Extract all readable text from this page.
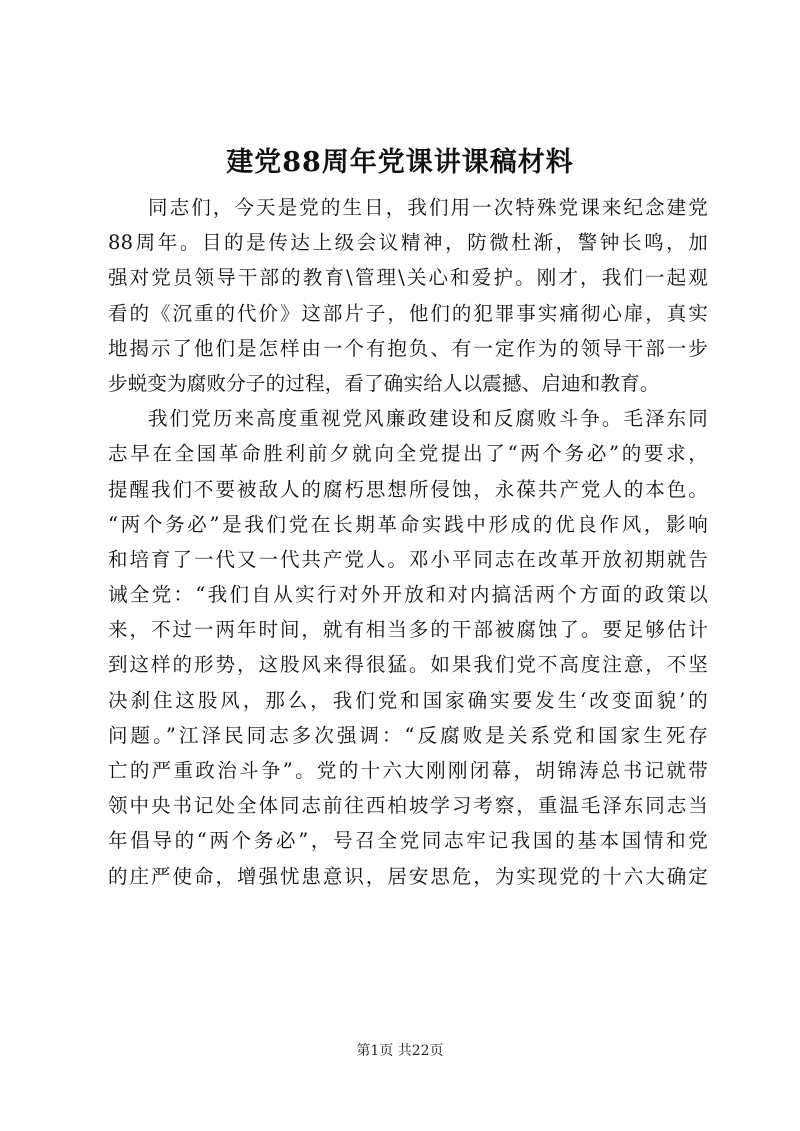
建党88周年党课讲课稿材料
同志们，今天是党的生日，我们用一次特殊党课来纪念建党
88周年。目的是传达上级会议精神，防微杜渐，警钟长鸣，加
强对党员领导干部的教育\管理\关心和爱护。刚才，我们一起观
看的《沉重的代价》这部片子，他们的犯罪事实痛彻心扉，真实
地揭示了他们是怎样由一个有抱负、有一定作为的领导干部一步
步蜕变为腐败分子的过程，看了确实给人以震撼、启迪和教育。
我们党历来高度重视党风廉政建设和反腐败斗争。毛泽东同
志早在全国革命胜利前夕就向全党提出了“两个务必”的要求，
提醒我们不要被敌人的腐朽思想所侵蚀，永葆共产党人的本色。
“两个务必”是我们党在长期革命实践中形成的优良作风，影响
和培育了一代又一代共产党人。邓小平同志在改革开放初期就告
诫全党：“我们自从实行对外开放和对内搞活两个方面的政策以
来，不过一两年时间，就有相当多的干部被腐蚀了。要足够估计
到这样的形势，这股风来得很猛。如果我们党不高度注意，不坚
决刹住这股风，那么，我们党和国家确实要发生‘改变面貌’的
问题。”江泽民同志多次强调：“反腐败是关系党和国家生死存
亡的严重政治斗争”。党的十六大刚刚闭幕，胡锦涛总书记就带
领中央书记处全体同志前往西柏坡学习考察，重温毛泽东同志当
年倡导的“两个务必”，号召全党同志牢记我国的基本国情和党
的庄严使命，增强忧患意识，居安思危，为实现党的十六大确定
第1页 共22页
